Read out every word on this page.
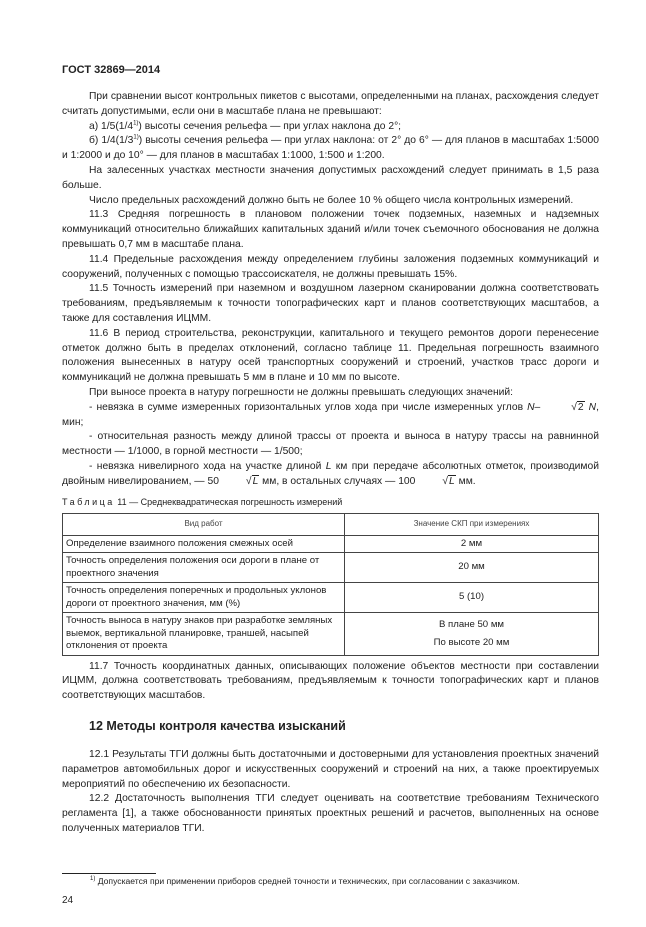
ГОСТ 32869—2014

При сравнении высот контрольных пикетов с высотами, определенными на планах, расхождения следует считать допустимыми, если они в масштабе плана не превышают:

а) 1/5(1/4$^{1)}$) высоты сечения рельефа — при углах наклона до 2°;

б) 1/4(1/3$^{1)}$) высоты сечения рельефа — при углах наклона: от 2° до 6° — для планов в масштабах 1:5000 и 1:2000 и до 10° — для планов в масштабах 1:1000, 1:500 и 1:200.

На залесенных участках местности значения допустимых расхождений следует принимать в 1,5 раза больше.

Число предельных расхождений должно быть не более 10 % общего числа контрольных измерений.

11.3 Средняя погрешность в плановом положении точек подземных, наземных и надземных коммуникаций относительно ближайших капитальных зданий и/или точек съемочного обоснования не должна превышать 0,7 мм в масштабе плана.

11.4 Предельные расхождения между определением глубины заложения подземных коммуникаций и сооружений, полученных с помощью трассоискателя, не должны превышать 15%.

11.5 Точность измерений при наземном и воздушном лазерном сканировании должна соответствовать требованиям, предъявляемым к точности топографических карт и планов соответствующих масштабов, а также для составления ИЦММ.

11.6 В период строительства, реконструкции, капитального и текущего ремонтов дороги перенесение отметок должно быть в пределах отклонений, согласно таблице 11. Предельная погрешность взаимного положения вынесенных в натуру осей транспортных сооружений и строений, участков трасс дороги и коммуникаций не должна превышать 5 мм в плане и 10 мм по высоте.

При выносе проекта в натуру погрешности не должны превышать следующих значений:

- невязка в сумме измеренных горизонтальных углов хода при числе измеренных углов N–	√2 N, мин;

- относительная разность между длиной трассы от проекта и выноса в натуру трассы на равнинной местности — 1/1000, в горной местности — 1/500;

- невязка нивелирного хода на участке длиной L км при передаче абсолютных отметок, производимой двойным нивелированием, — 50	√L мм, в остальных случаях — 100	√L мм.

Таблица 11 — Среднеквадратическая погрешность измерений
Вид работ	Значение СКП при измерениях
Определение взаимного положения смежных осей	2 мм
Точность определения положения оси дороги в плане от проектного значения	20 мм
Точность определения поперечных и продольных уклонов дороги от проектного значения, мм (%)	5 (10)
Точность выноса в натуру знаков при разработке земляных выемок, вертикальной планировке, траншей, насыпей отклонения от проекта	В плане 50 мм
По высоте 20 мм

11.7 Точность координатных данных, описывающих положение объектов местности при составлении ИЦММ, должна соответствовать требованиям, предъявляемым к точности топографических карт и планов соответствующих масштабов.

12 Методы контроля качества изысканий

12.1 Результаты ТГИ должны быть достаточными и достоверными для установления проектных значений параметров автомобильных дорог и искусственных сооружений и строений на них, а также проектируемых мероприятий по обеспечению их безопасности.

12.2 Достаточность выполнения ТГИ следует оценивать на соответствие требованиям Технического регламента [1], а также обоснованности принятых проектных решений и расчетов, выполненных на основе полученных материалов ТГИ.

$^{1)}$ Допускается при применении приборов средней точности и технических, при согласовании с заказчиком.
24
